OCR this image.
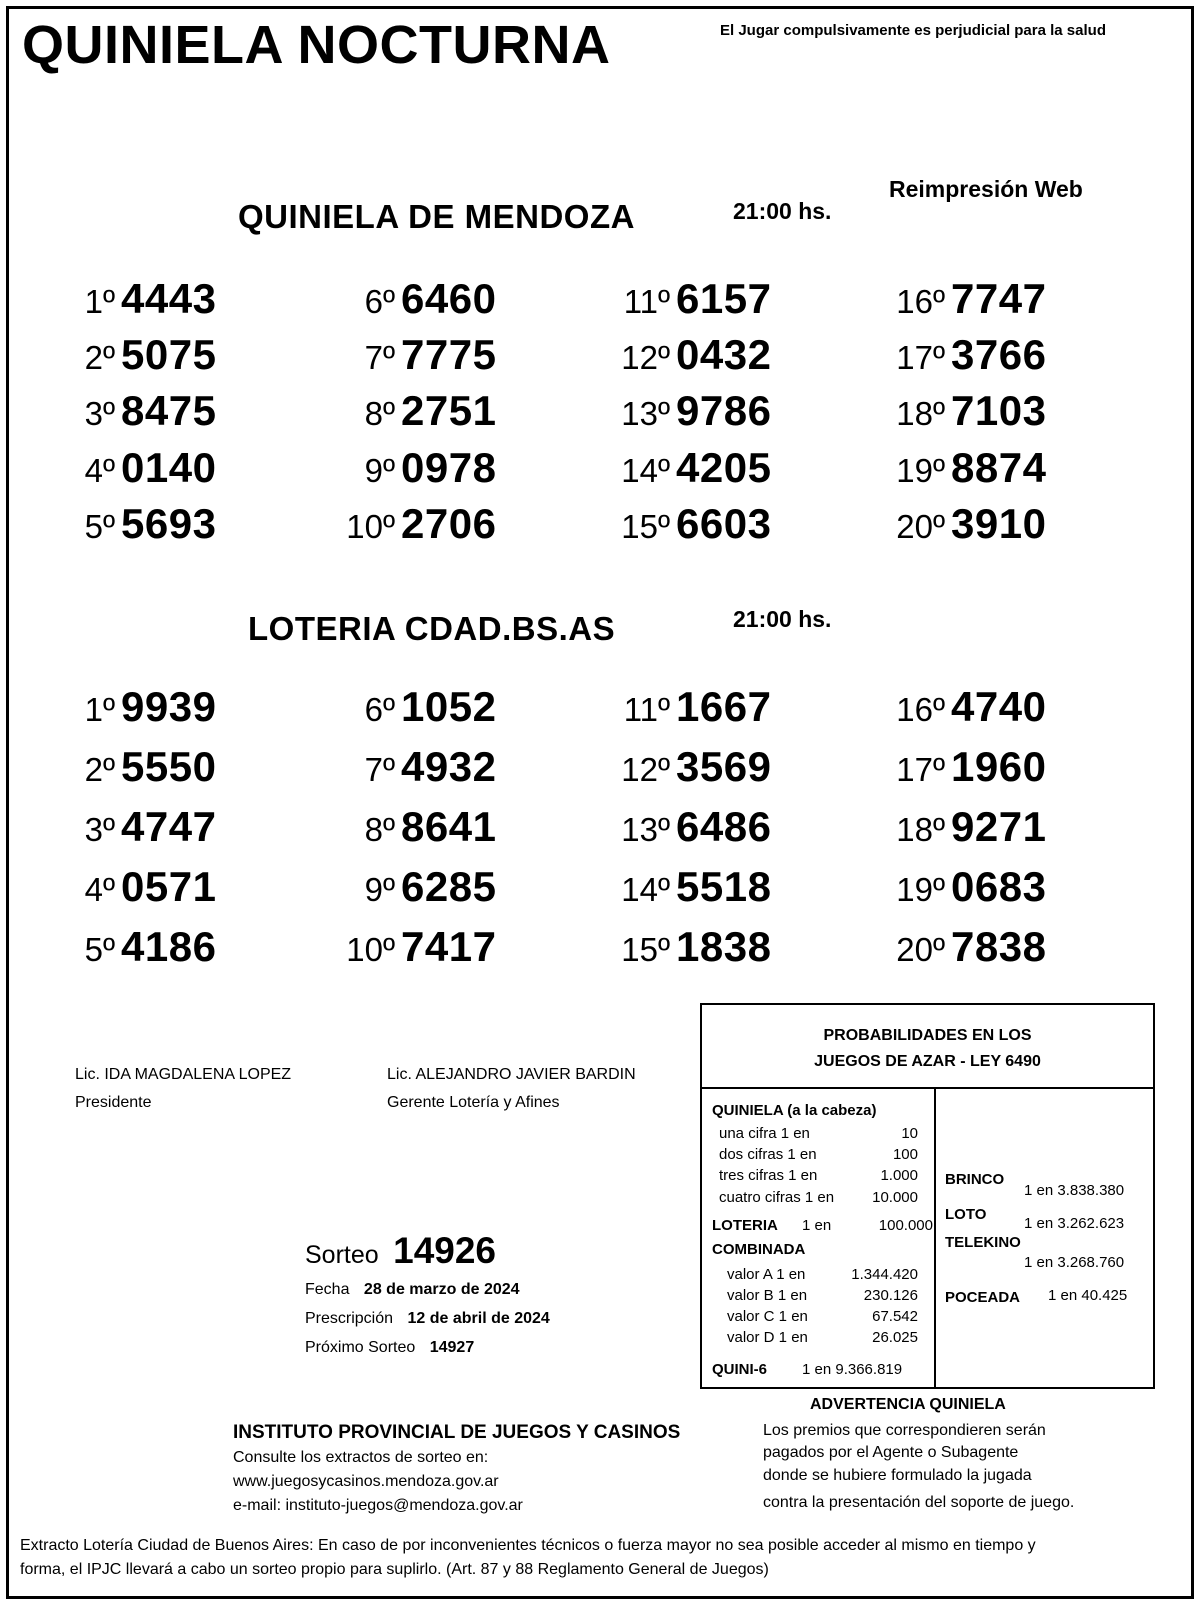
QUINIELA NOCTURNA	El Jugar compulsivamente es perjudicial para la salud
Reimpresión Web
QUINIELA DE MENDOZA	21:00 hs.
1º 4443
2º 5075
3º 8475
4º 0140
5º 5693
6º 6460
7º 7775
8º 2751
9º 0978
10º 2706
11º 6157
12º 0432
13º 9786
14º 4205
15º 6603
16º 7747
17º 3766
18º 7103
19º 8874
20º 3910
LOTERIA CDAD.BS.AS	21:00 hs.
1º 9939
2º 5550
3º 4747
4º 0571
5º 4186
6º 1052
7º 4932
8º 8641
9º 6285
10º 7417
11º 1667
12º 3569
13º 6486
14º 5518
15º 1838
16º 4740
17º 1960
18º 9271
19º 0683
20º 7838
Lic. IDA MAGDALENA LOPEZ
Presidente
Lic. ALEJANDRO JAVIER BARDIN
Gerente Lotería y Afines
Sorteo 14926
Fecha 28 de marzo de 2024
Prescripción 12 de abril de 2024
Próximo Sorteo 14927
PROBABILIDADES EN LOS
JUEGOS DE AZAR - LEY 6490
QUINIELA (a la cabeza)
una cifra 1 en	10
dos cifras 1 en	100
tres cifras 1 en	1.000
cuatro cifras 1 en	10.000
LOTERIA 1 en	100.000
COMBINADA
valor A 1 en	1.344.420
valor B 1 en	230.126
valor C 1 en	67.542
valor D 1 en	26.025
QUINI-6 1 en 9.366.819
BRINCO
1 en 3.838.380
LOTO
1 en 3.262.623
TELEKINO
1 en 3.268.760
POCEADA 1 en 40.425
ADVERTENCIA QUINIELA
Los premios que correspondieren serán
pagados por el Agente o Subagente
donde se hubiere formulado la jugada
contra la presentación del soporte de juego.
INSTITUTO PROVINCIAL DE JUEGOS Y CASINOS
Consulte los extractos de sorteo en:
www.juegosycasinos.mendoza.gov.ar
e-mail: instituto-juegos@mendoza.gov.ar
Extracto Lotería Ciudad de Buenos Aires: En caso de por inconvenientes técnicos o fuerza mayor no sea posible acceder al mismo en tiempo y
forma, el IPJC llevará a cabo un sorteo propio para suplirlo. (Art. 87 y 88 Reglamento General de Juegos)
